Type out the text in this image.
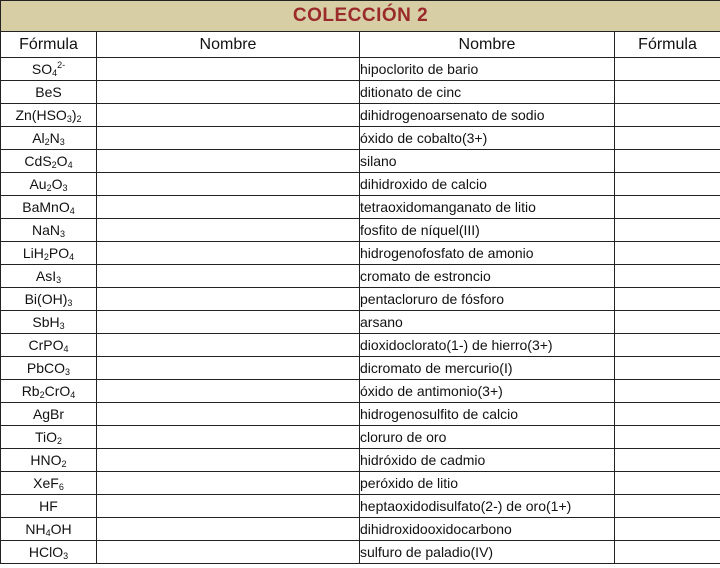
COLECCIÓN 2			
Fórmula	Nombre	Nombre	Fórmula
$SO_4^{2-}$		hipoclorito de bario	
BeS		ditionato de cinc	
$Zn(HSO_3)_2$		dihidrogenoarsenato de sodio	
$Al_2N_3$		óxido de cobalto(3+)	
$CdS_2O_4$		silano	
$Au_2O_3$		dihidroxido de calcio	
BaMnO$_4$		tetraoxidomanganato de litio	
NaN$_3$		fosfito de níquel(III)	
$LiH_2PO_4$		hidrogenofosfato de amonio	
AsI$_3$		cromato de estroncio	
$Bi(OH)_3$		pentacloruro de fósforo	
SbH$_3$		arsano	
CrPO$_4$		dioxidoclorato(1-) de hierro(3+)	
PbCO$_3$		dicromato de mercurio(I)	
$Rb_2CrO_4$		óxido de antimonio(3+)	
AgBr		hidrogenosulfito de calcio	
TiO$_2$		cloruro de oro	
$HNO_2$		hidróxido de cadmio	
XeF$_6$		peróxido de litio	
HF		heptaoxidodisulfato(2-) de oro(1+)	
$NH_4OH$		dihidroxidooxidocarbono	
HClO$_3$		sulfuro de paladio(IV)	
